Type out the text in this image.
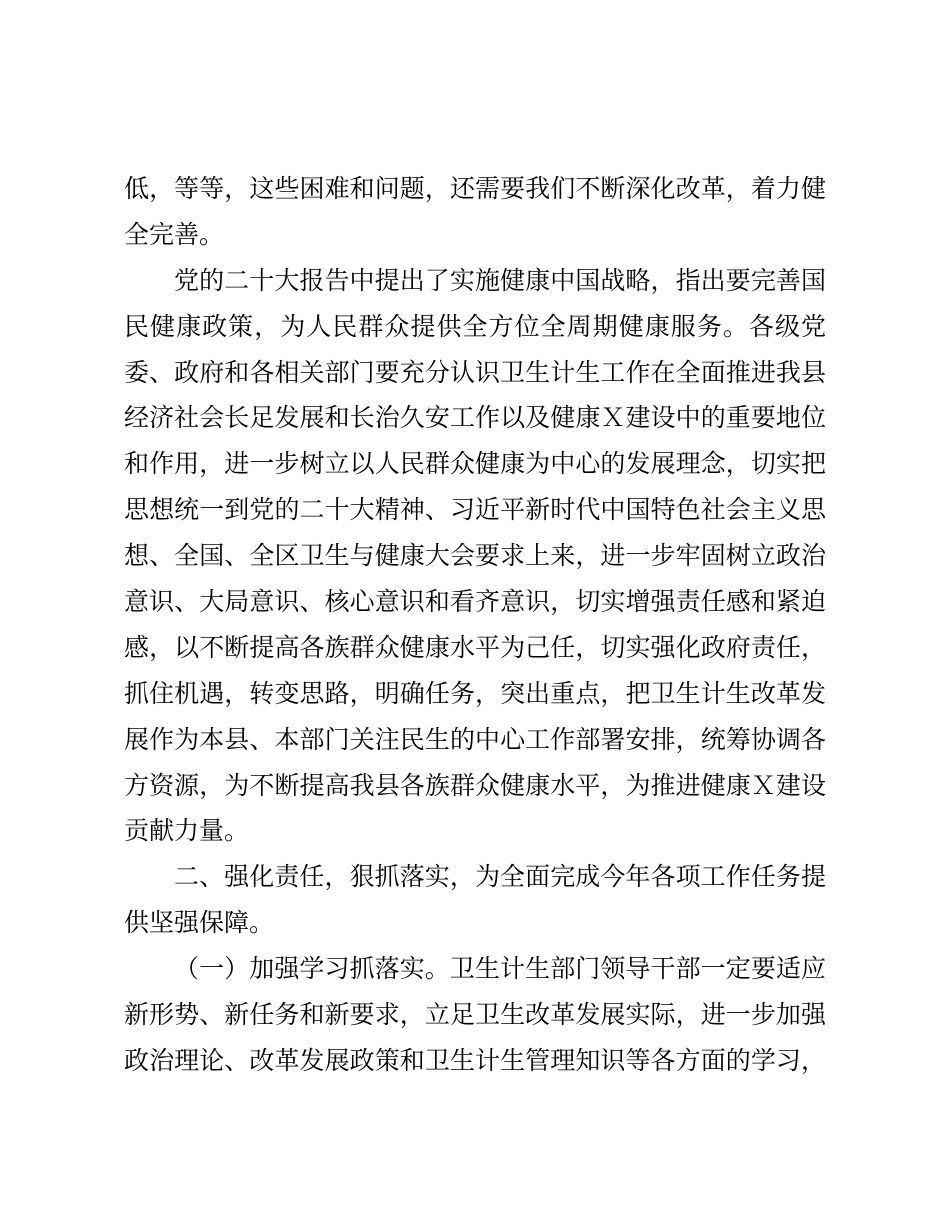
低，等等，这些困难和问题，还需要我们不断深化改革，着力健
全完善。
党的二十大报告中提出了实施健康中国战略，指出要完善国
民健康政策，为人民群众提供全方位全周期健康服务。各级党
委、政府和各相关部门要充分认识卫生计生工作在全面推进我县
经济社会长足发展和长治久安工作以及健康Ｘ建设中的重要地位
和作用，进一步树立以人民群众健康为中心的发展理念，切实把
思想统一到党的二十大精神、习近平新时代中国特色社会主义思
想、全国、全区卫生与健康大会要求上来，进一步牢固树立政治
意识、大局意识、核心意识和看齐意识，切实增强责任感和紧迫
感，以不断提高各族群众健康水平为己任，切实强化政府责任，
抓住机遇，转变思路，明确任务，突出重点，把卫生计生改革发
展作为本县、本部门关注民生的中心工作部署安排，统筹协调各
方资源，为不断提高我县各族群众健康水平，为推进健康Ｘ建设
贡献力量。
二、强化责任，狠抓落实，为全面完成今年各项工作任务提
供坚强保障。
（一）加强学习抓落实。卫生计生部门领导干部一定要适应
新形势、新任务和新要求，立足卫生改革发展实际，进一步加强
政治理论、改革发展政策和卫生计生管理知识等各方面的学习，
